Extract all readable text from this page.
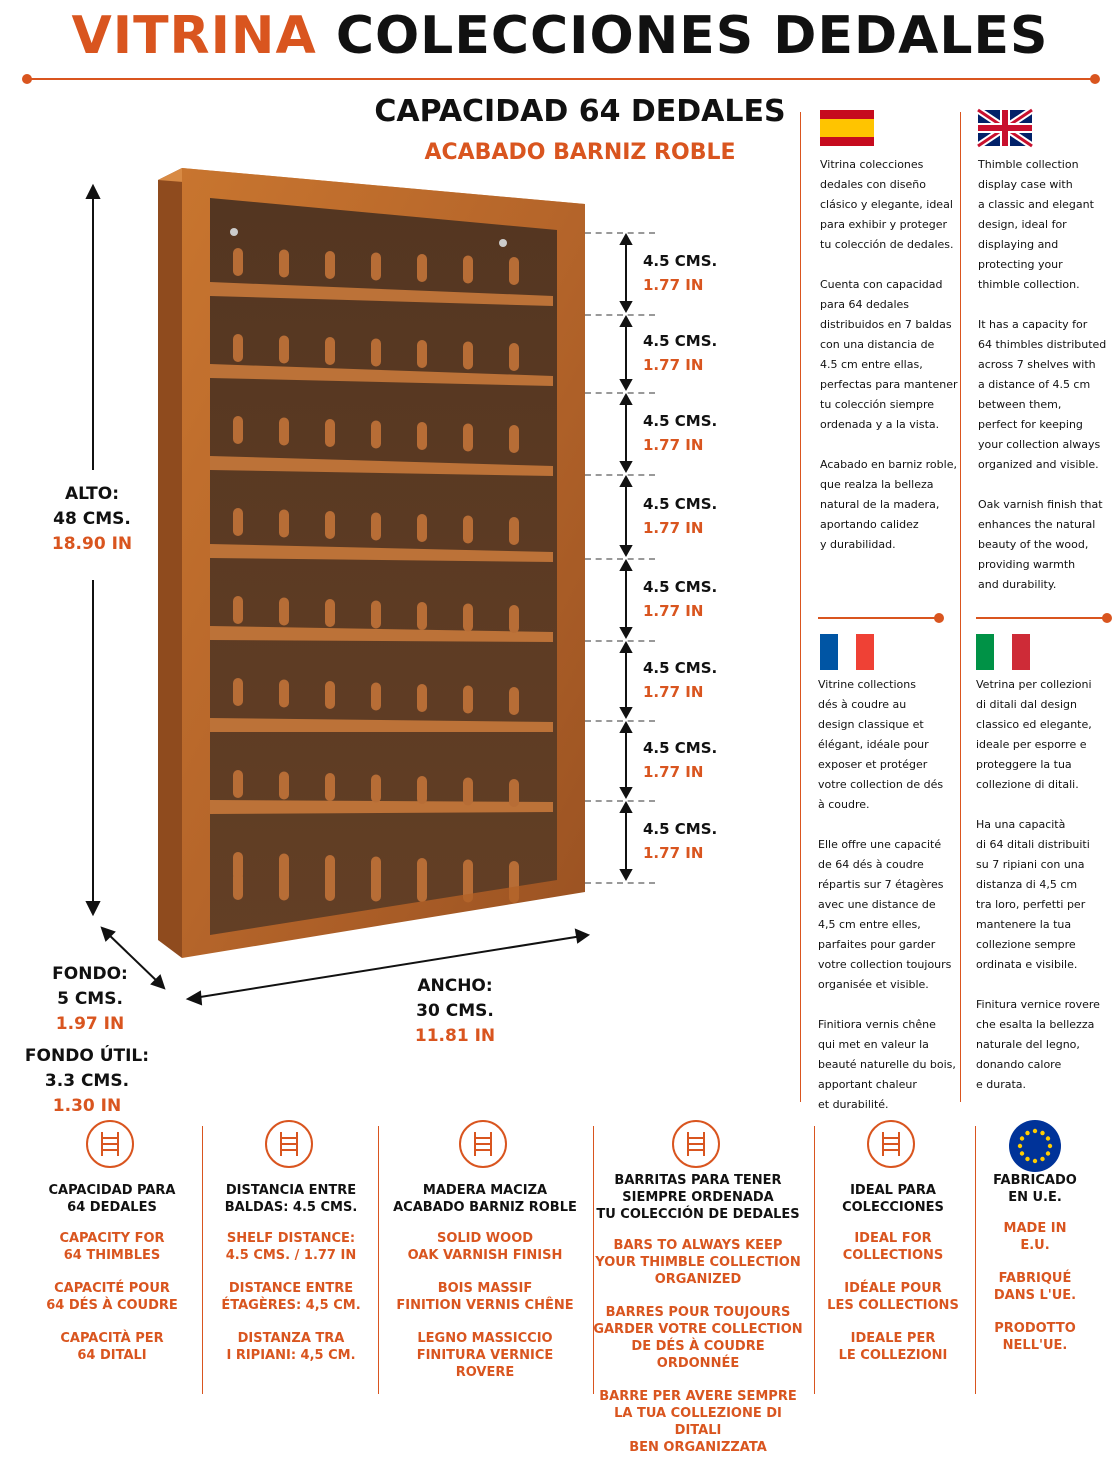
VITRINA COLECCIONES DEDALES
CAPACIDAD 64 DEDALES
ACABADO BARNIZ ROBLE
ALTO:
48 CMS.
18.90 IN
FONDO:
5 CMS.
1.97 IN
FONDO ÚTIL:
3.3 CMS.
1.30 IN
ANCHO:
30 CMS.
11.81 IN
4.5 CMS.
1.77 IN
4.5 CMS.
1.77 IN
4.5 CMS.
1.77 IN
4.5 CMS.
1.77 IN
4.5 CMS.
1.77 IN
4.5 CMS.
1.77 IN
4.5 CMS.
1.77 IN
4.5 CMS.
1.77 IN

Vitrina colecciones
dedales con diseño
clásico y elegante, ideal
para exhibir y proteger
tu colección de dedales.

Cuenta con capacidad
para 64 dedales
distribuidos en 7 baldas
con una distancia de
4.5 cm entre ellas,
perfectas para mantener
tu colección siempre
ordenada y a la vista.

Acabado en barniz roble,
que realza la belleza
natural de la madera,
aportando calidez
y durabilidad.

Thimble collection
display case with
a classic and elegant
design, ideal for
displaying and
protecting your
thimble collection.

It has a capacity for
64 thimbles distributed
across 7 shelves with
a distance of 4.5 cm
between them,
perfect for keeping
your collection always
organized and visible.

Oak varnish finish that
enhances the natural
beauty of the wood,
providing warmth
and durability.

Vitrine collections
dés à coudre au
design classique et
élégant, idéale pour
exposer et protéger
votre collection de dés
à coudre.

Elle offre une capacité
de 64 dés à coudre
répartis sur 7 étagères
avec une distance de
4,5 cm entre elles,
parfaites pour garder
votre collection toujours
organisée et visible.

Finitiora vernis chêne
qui met en valeur la
beauté naturelle du bois,
apportant chaleur
et durabilité.

Vetrina per collezioni
di ditali dal design
classico ed elegante,
ideale per esporre e
proteggere la tua
collezione di ditali.

Ha una capacità
di 64 ditali distribuiti
su 7 ripiani con una
distanza di 4,5 cm
tra loro, perfetti per
mantenere la tua
collezione sempre
ordinata e visibile.

Finitura vernice rovere
che esalta la bellezza
naturale del legno,
donando calore
e durata.

CAPACIDAD PARA
64 DEDALES
CAPACITY FOR
64 THIMBLES
CAPACITÉ POUR
64 DÉS À COUDRE
CAPACITÀ PER
64 DITALI
DISTANCIA ENTRE
BALDAS: 4.5 CMS.
SHELF DISTANCE:
4.5 CMS. / 1.77 IN
DISTANCE ENTRE
ÉTAGÈRES: 4,5 CM.
DISTANZA TRA
I RIPIANI: 4,5 CM.
MADERA MACIZA
ACABADO BARNIZ ROBLE
SOLID WOOD
OAK VARNISH FINISH
BOIS MASSIF
FINITION VERNIS CHÊNE
LEGNO MASSICCIO
FINITURA VERNICE ROVERE
BARRITAS PARA TENER
SIEMPRE ORDENADA
TU COLECCIÓN DE DEDALES
BARS TO ALWAYS KEEP
YOUR THIMBLE COLLECTION
ORGANIZED
BARRES POUR TOUJOURS
GARDER VOTRE COLLECTION
DE DÉS À COUDRE ORDONNÉE
BARRE PER AVERE SEMPRE
LA TUA COLLEZIONE DI DITALI
BEN ORGANIZZATA
IDEAL PARA
COLECCIONES
IDEAL FOR
COLLECTIONS
IDÉALE POUR
LES COLLECTIONS
IDEALE PER
LE COLLEZIONI
FABRICADO
EN U.E.
MADE IN
E.U.
FABRIQUÉ
DANS L'UE.
PRODOTTO
NELL'UE.
